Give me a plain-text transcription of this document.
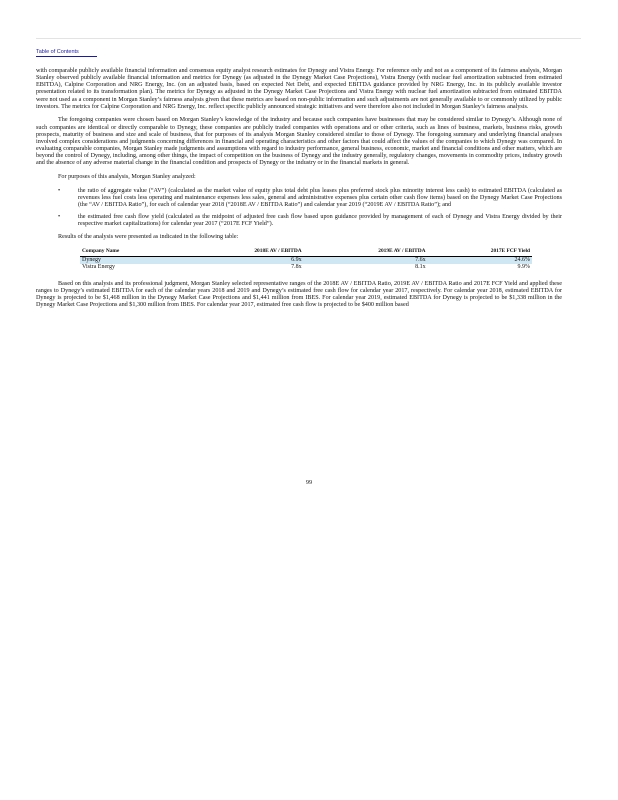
Table of Contents

with comparable publicly available financial information and consensus equity analyst research estimates for Dynegy and Vistra Energy. For reference only and not as a component of its fairness analysis, Morgan Stanley observed publicly available financial information and metrics for Dynegy (as adjusted in the Dynegy Market Case Projections), Vistra Energy (with nuclear fuel amortization subtracted from estimated EBITDA), Calpine Corporation and NRG Energy, Inc. (on an adjusted basis, based on expected Net Debt, and expected EBITDA guidance provided by NRG Energy, Inc. in its publicly available investor presentation related to its transformation plan). The metrics for Dynegy as adjusted in the Dynegy Market Case Projections and Vistra Energy with nuclear fuel amortization subtracted from estimated EBITDA were not used as a component in Morgan Stanley’s fairness analysis given that these metrics are based on non-public information and such adjustments are not generally available to or commonly utilized by public investors. The metrics for Calpine Corporation and NRG Energy, Inc. reflect specific publicly announced strategic initiatives and were therefore also not included in Morgan Stanley’s fairness analysis.

The foregoing companies were chosen based on Morgan Stanley’s knowledge of the industry and because such companies have businesses that may be considered similar to Dynegy’s. Although none of such companies are identical or directly comparable to Dynegy, these companies are publicly traded companies with operations and or other criteria, such as lines of business, markets, business risks, growth prospects, maturity of business and size and scale of business, that for purposes of its analysis Morgan Stanley considered similar to those of Dynegy. The foregoing summary and underlying financial analyses involved complex considerations and judgments concerning differences in financial and operating characteristics and other factors that could affect the values of the companies to which Dynegy was compared. In evaluating comparable companies, Morgan Stanley made judgments and assumptions with regard to industry performance, general business, economic, market and financial conditions and other matters, which are beyond the control of Dynegy, including, among other things, the impact of competition on the business of Dynegy and the industry generally, regulatory changes, movements in commodity prices, industry growth and the absence of any adverse material change in the financial condition and prospects of Dynegy or the industry or in the financial markets in general.

For purposes of this analysis, Morgan Stanley analyzed:

•	the ratio of aggregate value (“AV”) (calculated as the market value of equity plus total debt plus leases plus preferred stock plus minority interest less cash) to estimated EBITDA (calculated as revenues less fuel costs less operating and maintenance expenses less sales, general and administrative expenses plus certain other cash flow items) based on the Dynegy Market Case Projections (the “AV / EBITDA Ratio”), for each of calendar year 2018 (“2018E AV / EBITDA Ratio”) and calendar year 2019 (“2019E AV / EBITDA Ratio”); and
•	the estimated free cash flow yield (calculated as the midpoint of adjusted free cash flow based upon guidance provided by management of each of Dynegy and Vistra Energy divided by their respective market capitalizations) for calendar year 2017 (“2017E FCF Yield”).

Results of the analysis were presented as indicated in the following table:

Company Name	2018E AV / EBITDA	2019E AV / EBITDA	2017E FCF Yield
Dynegy	6.9x	7.6x	24.6%
Vistra Energy	7.8x	8.1x	9.9%

Based on this analysis and its professional judgment, Morgan Stanley selected representative ranges of the 2018E AV / EBITDA Ratio, 2019E AV / EBITDA Ratio and 2017E FCF Yield and applied these ranges to Dynegy’s estimated EBITDA for each of the calendar years 2018 and 2019 and Dynegy’s estimated free cash flow for calendar year 2017, respectively. For calendar year 2018, estimated EBITDA for Dynegy is projected to be $1,468 million in the Dynegy Market Case Projections and $1,441 million from IBES. For calendar year 2019, estimated EBITDA for Dynegy is projected to be $1,338 million in the Dynegy Market Case Projections and $1,300 million from IBES. For calendar year 2017, estimated free cash flow is projected to be $400 million based

99
